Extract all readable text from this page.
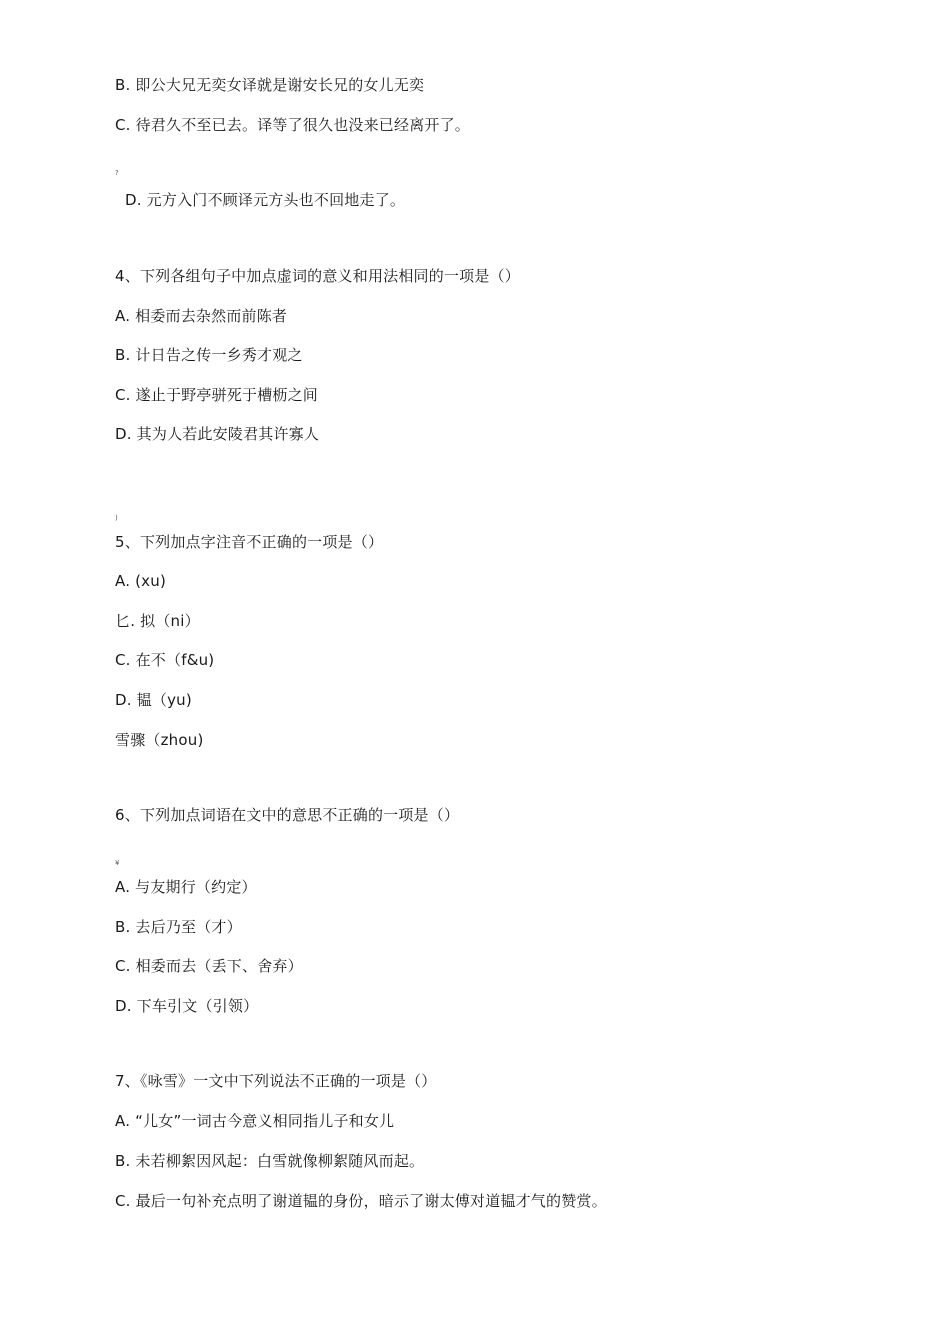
B. 即公大兄无奕女译就是谢安长兄的女儿无奕
C. 待君久不至已去。译等了很久也没来已经离开了。
?
D. 元方入门不顾译元方头也不回地走了。
4、下列各组句子中加点虚词的意义和用法相同的一项是（）
A. 相委而去杂然而前陈者
B. 计日告之传一乡秀才观之
C. 遂止于野亭骈死于槽枥之间
D. 其为人若此安陵君其许寡人
)
5、下列加点字注音不正确的一项是（）
A. (xu)
匕. 拟（ni）
C. 在不（f&u)
D. 韫（yu)
雪骤（zhou)
6、下列加点词语在文中的意思不正确的一项是（）
¥
A. 与友期行（约定）
B. 去后乃至（才）
C. 相委而去（丢下、舍弃）
D. 下车引文（引领）
7、《咏雪》一文中下列说法不正确的一项是（）
A. “儿女”一词古今意义相同指儿子和女儿
B. 未若柳絮因风起：白雪就像柳絮随风而起。
C. 最后一句补充点明了谢道韫的身份，暗示了谢太傅对道韫才气的赞赏。
